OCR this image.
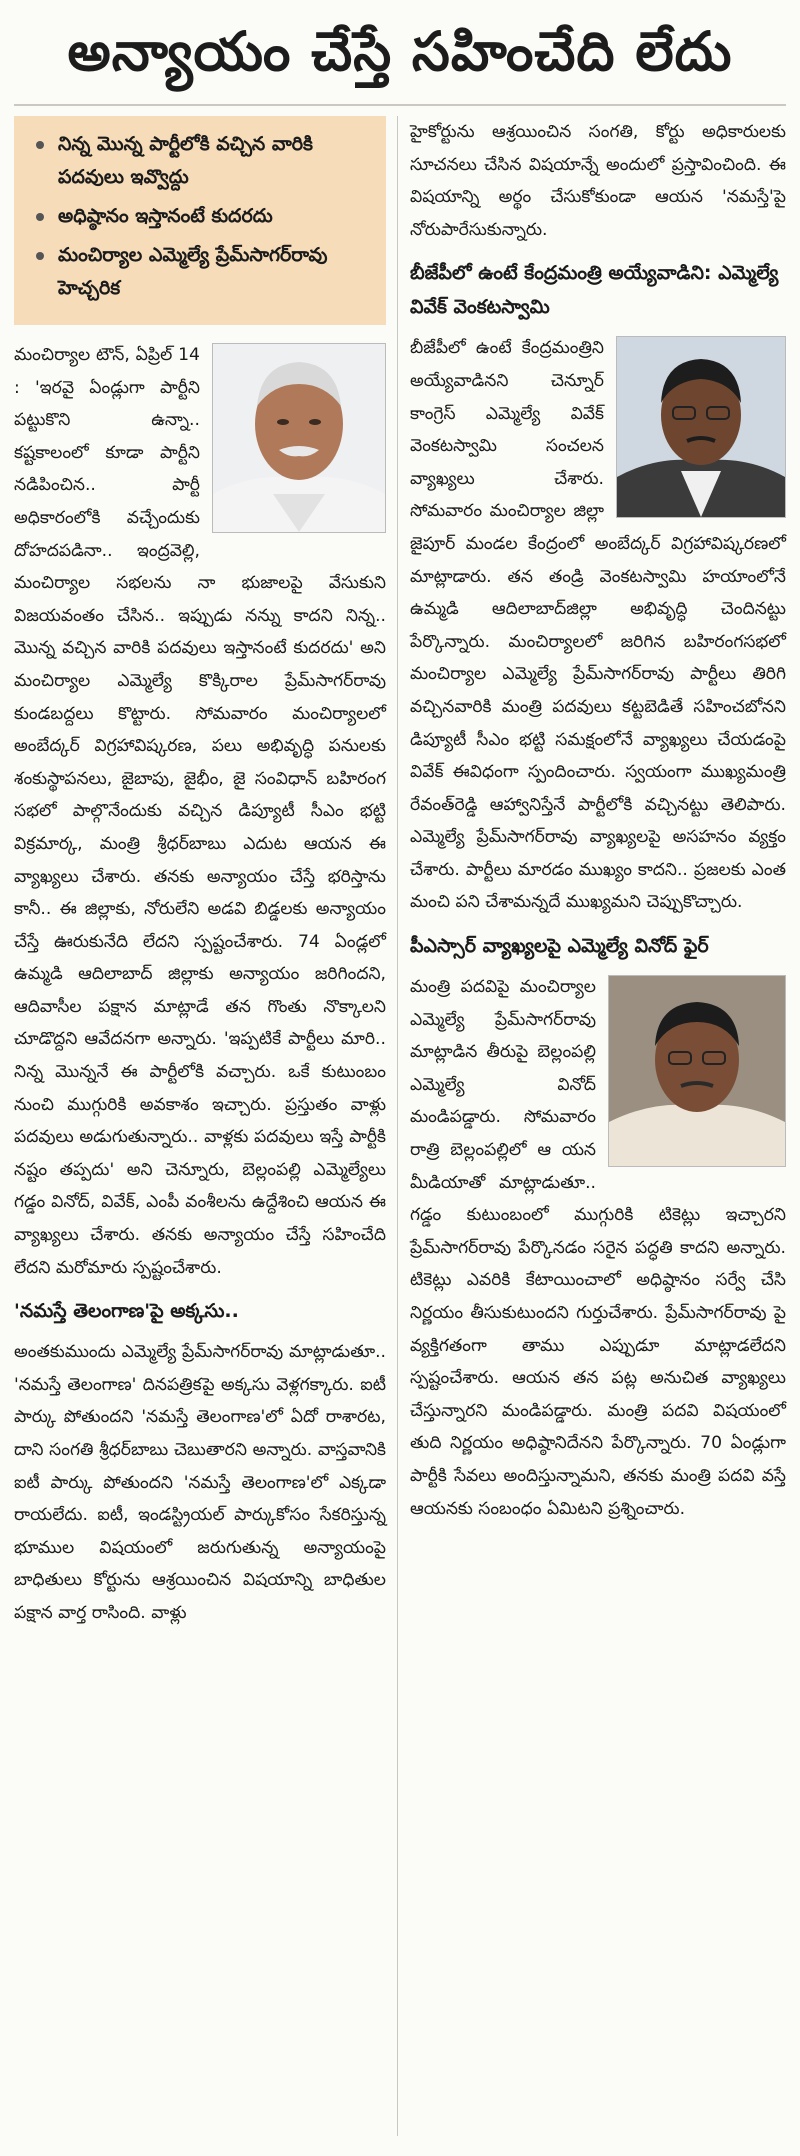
అన్యాయం చేస్తే సహించేది లేదు
నిన్న మొన్న పార్టీలోకి వచ్చిన వారికి పదవులు ఇవ్వొద్దు
అధిష్ఠానం ఇస్తానంటే కుదరదు
మంచిర్యాల ఎమ్మెల్యే ప్రేమ్‌సాగర్‌రావు హెచ్చరిక

మంచిర్యాల టౌన్, ఏప్రిల్ 14 : 'ఇరవై ఏండ్లుగా పార్టీని పట్టుకొని ఉన్నా.. కష్టకాలంలో కూడా పార్టీని నడిపించిన.. పార్టీ అధికారంలోకి వచ్చేందుకు దోహదపడినా.. ఇంద్రవెల్లి, మంచిర్యాల సభలను నా భుజాలపై వేసుకుని విజయవంతం చేసిన.. ఇప్పుడు నన్ను కాదని నిన్న.. మొన్న వచ్చిన వారికి పదవులు ఇస్తానంటే కుదరదు' అని మంచిర్యాల ఎమ్మెల్యే కొక్కిరాల ప్రేమ్‌సాగర్‌రావు కుండబద్దలు కొట్టారు. సోమవారం మంచిర్యాలలో అంబేద్కర్ విగ్రహావిష్కరణ, పలు అభివృద్ధి పనులకు శంకుస్థాపనలు, జైబాపు, జైభీం, జై సంవిధాన్ బహిరంగ సభలో పాల్గొనేందుకు వచ్చిన డిప్యూటీ సీఎం భట్టి విక్రమార్క, మంత్రి శ్రీధర్‌బాబు ఎదుట ఆయన ఈ వ్యాఖ్యలు చేశారు. తనకు అన్యాయం చేస్తే భరిస్తాను కానీ.. ఈ జిల్లాకు, నోరులేని అడవి బిడ్డలకు అన్యాయం చేస్తే ఊరుకునేది లేదని స్పష్టంచేశారు. 74 ఏండ్లలో ఉమ్మడి ఆదిలాబాద్ జిల్లాకు అన్యాయం జరిగిందని, ఆదివాసీల పక్షాన మాట్లాడే తన గొంతు నొక్కాలని చూడొద్దని ఆవేదనగా అన్నారు. 'ఇప్పటికే పార్టీలు మారి.. నిన్న మొన్ననే ఈ పార్టీలోకి వచ్చారు. ఒకే కుటుంబం నుంచి ముగ్గురికి అవకాశం ఇచ్చారు. ప్రస్తుతం వాళ్లు పదవులు అడుగుతున్నారు.. వాళ్లకు పదవులు ఇస్తే పార్టీకి నష్టం తప్పదు' అని చెన్నూరు, బెల్లంపల్లి ఎమ్మెల్యేలు గడ్డం వినోద్, వివేక్, ఎంపీ వంశీలను ఉద్దేశించి ఆయన ఈ వ్యాఖ్యలు చేశారు. తనకు అన్యాయం చేస్తే సహించేది లేదని మరోమారు స్పష్టంచేశారు.

'నమస్తే తెలంగాణ'పై అక్కసు..

అంతకుముందు ఎమ్మెల్యే ప్రేమ్‌సాగర్‌రావు మాట్లాడుతూ.. 'నమస్తే తెలంగాణ' దినపత్రికపై అక్కసు వెళ్లగక్కారు. ఐటీ పార్కు పోతుందని 'నమస్తే తెలంగాణ'లో ఏదో రాశారట, దాని సంగతి శ్రీధర్‌బాబు చెబుతారని అన్నారు. వాస్తవానికి ఐటీ పార్కు పోతుందని 'నమస్తే తెలంగాణ'లో ఎక్కడా రాయలేదు. ఐటీ, ఇండస్ట్రియల్ పార్కుకోసం సేకరిస్తున్న భూముల విషయంలో జరుగుతున్న అన్యాయంపై బాధితులు కోర్టును ఆశ్రయించిన విషయాన్ని బాధితుల పక్షాన వార్త రాసింది. వాళ్లు

హైకోర్టును ఆశ్రయించిన సంగతి, కోర్టు అధికారులకు సూచనలు చేసిన విషయాన్నే అందులో ప్రస్తావించింది. ఈ విషయాన్ని అర్థం చేసుకోకుండా ఆయన 'నమస్తే'పై నోరుపారేసుకున్నారు.

బీజేపీలో ఉంటే కేంద్రమంత్రి అయ్యేవాడిని: ఎమ్మెల్యే వివేక్ వెంకటస్వామి

బీజేపీలో ఉంటే కేంద్రమంత్రిని అయ్యేవాడినని చెన్నూర్ కాంగ్రెస్ ఎమ్మెల్యే వివేక్ వెంకటస్వామి సంచలన వ్యాఖ్యలు చేశారు. సోమవారం మంచిర్యాల జిల్లా జైపూర్ మండల కేంద్రంలో అంబేద్కర్ విగ్రహావిష్కరణలో మాట్లాడారు. తన తండ్రి వెంకటస్వామి హయాంలోనే ఉమ్మడి ఆదిలాబాద్‌జిల్లా అభివృద్ధి చెందినట్టు పేర్కొన్నారు. మంచిర్యాలలో జరిగిన బహిరంగసభలో మంచిర్యాల ఎమ్మెల్యే ప్రేమ్‌సాగర్‌రావు పార్టీలు తిరిగి వచ్చినవారికి మంత్రి పదవులు కట్టబెడితే సహించబోనని డిప్యూటీ సీఎం భట్టి సమక్షంలోనే వ్యాఖ్యలు చేయడంపై వివేక్ ఈవిధంగా స్పందించారు. స్వయంగా ముఖ్యమంత్రి రేవంత్‌రెడ్డి ఆహ్వానిస్తేనే పార్టీలోకి వచ్చినట్టు తెలిపారు. ఎమ్మెల్యే ప్రేమ్‌సాగర్‌రావు వ్యాఖ్యలపై అసహనం వ్యక్తం చేశారు. పార్టీలు మారడం ముఖ్యం కాదని.. ప్రజలకు ఎంత మంచి పని చేశామన్నదే ముఖ్యమని చెప్పుకొచ్చారు.

పీఎస్సార్ వ్యాఖ్యలపై ఎమ్మెల్యే వినోద్ ఫైర్

మంత్రి పదవిపై మంచిర్యాల ఎమ్మెల్యే ప్రేమ్‌సాగర్‌రావు మాట్లాడిన తీరుపై బెల్లంపల్లి ఎమ్మెల్యే వినోద్ మండిపడ్డారు. సోమవారం రాత్రి బెల్లంపల్లిలో ఆ యన మీడియాతో మాట్లాడుతూ.. గడ్డం కుటుంబంలో ముగ్గురికి టికెట్లు ఇచ్చారని ప్రేమ్‌సాగర్‌రావు పేర్కొనడం సరైన పద్ధతి కాదని అన్నారు. టికెట్లు ఎవరికి కేటాయించాలో అధిష్ఠానం సర్వే చేసి నిర్ణయం తీసుకుటుందని గుర్తుచేశారు. ప్రేమ్‌సాగర్‌రావు పై వ్యక్తిగతంగా తాము ఎప్పుడూ మాట్లాడలేదని స్పష్టంచేశారు. ఆయన తన పట్ల అనుచిత వ్యాఖ్యలు చేస్తున్నారని మండిపడ్డారు. మంత్రి పదవి విషయంలో తుది నిర్ణయం అధిష్ఠానిదేనని పేర్కొన్నారు. 70 ఏండ్లుగా పార్టీకి సేవలు అందిస్తున్నామని, తనకు మంత్రి పదవి వస్తే ఆయనకు సంబంధం ఏమిటని ప్రశ్నించారు.
